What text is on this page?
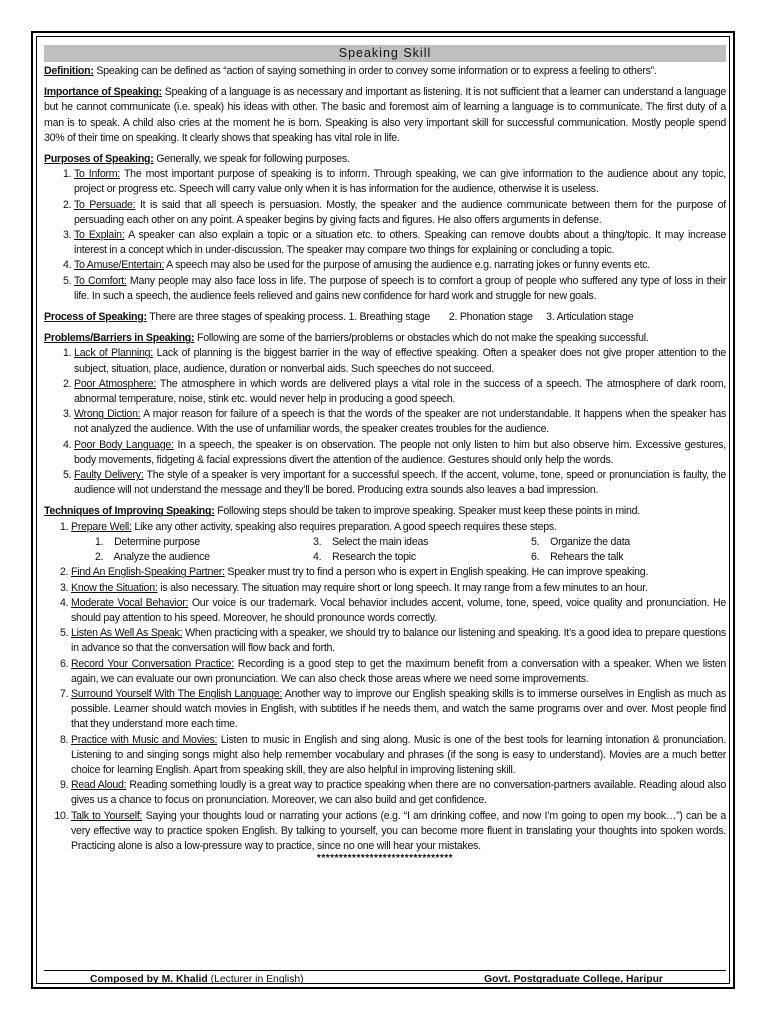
Speaking Skill

Definition: Speaking can be defined as “action of saying something in order to convey some information or to express a feeling to others”.

Importance of Speaking: Speaking of a language is as necessary and important as listening. It is not sufficient that a learner can understand a language but he cannot communicate (i.e. speak) his ideas with other. The basic and foremost aim of learning a language is to communicate. The first duty of a man is to speak. A child also cries at the moment he is born. Speaking is also very important skill for successful communication. Mostly people spend 30% of their time on speaking. It clearly shows that speaking has vital role in life.

Purposes of Speaking: Generally, we speak for following purposes.

1. To Inform: The most important purpose of speaking is to inform. Through speaking, we can give information to the audience about any topic, project or progress etc. Speech will carry value only when it is has information for the audience, otherwise it is useless.
2. To Persuade: It is said that all speech is persuasion. Mostly, the speaker and the audience communicate between them for the purpose of persuading each other on any point. A speaker begins by giving facts and figures. He also offers arguments in defense.
3. To Explain: A speaker can also explain a topic or a situation etc. to others. Speaking can remove doubts about a thing/topic. It may increase interest in a concept which in under-discussion. The speaker may compare two things for explaining or concluding a topic.
4. To Amuse/Entertain: A speech may also be used for the purpose of amusing the audience e.g. narrating jokes or funny events etc.
5. To Comfort: Many people may also face loss in life. The purpose of speech is to comfort a group of people who suffered any type of loss in their life. In such a speech, the audience feels relieved and gains new confidence for hard work and struggle for new goals.

Process of Speaking: There are three stages of speaking process. 1. Breathing stage       2. Phonation stage     3. Articulation stage

Problems/Barriers in Speaking: Following are some of the barriers/problems or obstacles which do not make the speaking successful.

1. Lack of Planning: Lack of planning is the biggest barrier in the way of effective speaking. Often a speaker does not give proper attention to the subject, situation, place, audience, duration or nonverbal aids. Such speeches do not succeed.
2. Poor Atmosphere: The atmosphere in which words are delivered plays a vital role in the success of a speech. The atmosphere of dark room, abnormal temperature, noise, stink etc. would never help in producing a good speech.
3. Wrong Diction: A major reason for failure of a speech is that the words of the speaker are not understandable. It happens when the speaker has not analyzed the audience. With the use of unfamiliar words, the speaker creates troubles for the audience.
4. Poor Body Language: In a speech, the speaker is on observation. The people not only listen to him but also observe him. Excessive gestures, body movements, fidgeting & facial expressions divert the attention of the audience. Gestures should only help the words.
5. Faulty Delivery: The style of a speaker is very important for a successful speech. If the accent, volume, tone, speed or pronunciation is faulty, the audience will not understand the message and they’ll be bored. Producing extra sounds also leaves a bad impression.

Techniques of Improving Speaking: Following steps should be taken to improve speaking. Speaker must keep these points in mind.

1. Prepare Well: Like any other activity, speaking also requires preparation. A good speech requires these steps.
1.    Determine purpose	3.    Select the main ideas	5.    Organize the data
2.    Analyze the audience	4.    Research the topic	6.    Rehears the talk
2. Find An English-Speaking Partner: Speaker must try to find a person who is expert in English speaking. He can improve speaking.
3. Know the Situation: is also necessary. The situation may require short or long speech. It may range from a few minutes to an hour.
4. Moderate Vocal Behavior: Our voice is our trademark. Vocal behavior includes accent, volume, tone, speed, voice quality and pronunciation. He should pay attention to his speed. Moreover, he should pronounce words correctly.
5. Listen As Well As Speak: When practicing with a speaker, we should try to balance our listening and speaking. It’s a good idea to prepare questions in advance so that the conversation will flow back and forth.
6. Record Your Conversation Practice: Recording is a good step to get the maximum benefit from a conversation with a speaker. When we listen again, we can evaluate our own pronunciation. We can also check those areas where we need some improvements.
7. Surround Yourself With The English Language: Another way to improve our English speaking skills is to immerse ourselves in English as much as possible. Learner should watch movies in English, with subtitles if he needs them, and watch the same programs over and over. Most people find that they understand more each time.
8. Practice with Music and Movies: Listen to music in English and sing along. Music is one of the best tools for learning intonation & pronunciation. Listening to and singing songs might also help remember vocabulary and phrases (if the song is easy to understand). Movies are a much better choice for learning English. Apart from speaking skill, they are also helpful in improving listening skill.
9. Read Aloud: Reading something loudly is a great way to practice speaking when there are no conversation-partners available. Reading aloud also gives us a chance to focus on pronunciation. Moreover, we can also build and get confidence.
10. Talk to Yourself: Saying your thoughts loud or narrating your actions (e.g. “I am drinking coffee, and now I’m going to open my book…”) can be a very effective way to practice spoken English. By talking to yourself, you can become more fluent in translating your thoughts into spoken words. Practicing alone is also a low-pressure way to practice, since no one will hear your mistakes.
*******************************
Composed by M. Khalid (Lecturer in English)	Govt. Postgraduate College, Haripur
